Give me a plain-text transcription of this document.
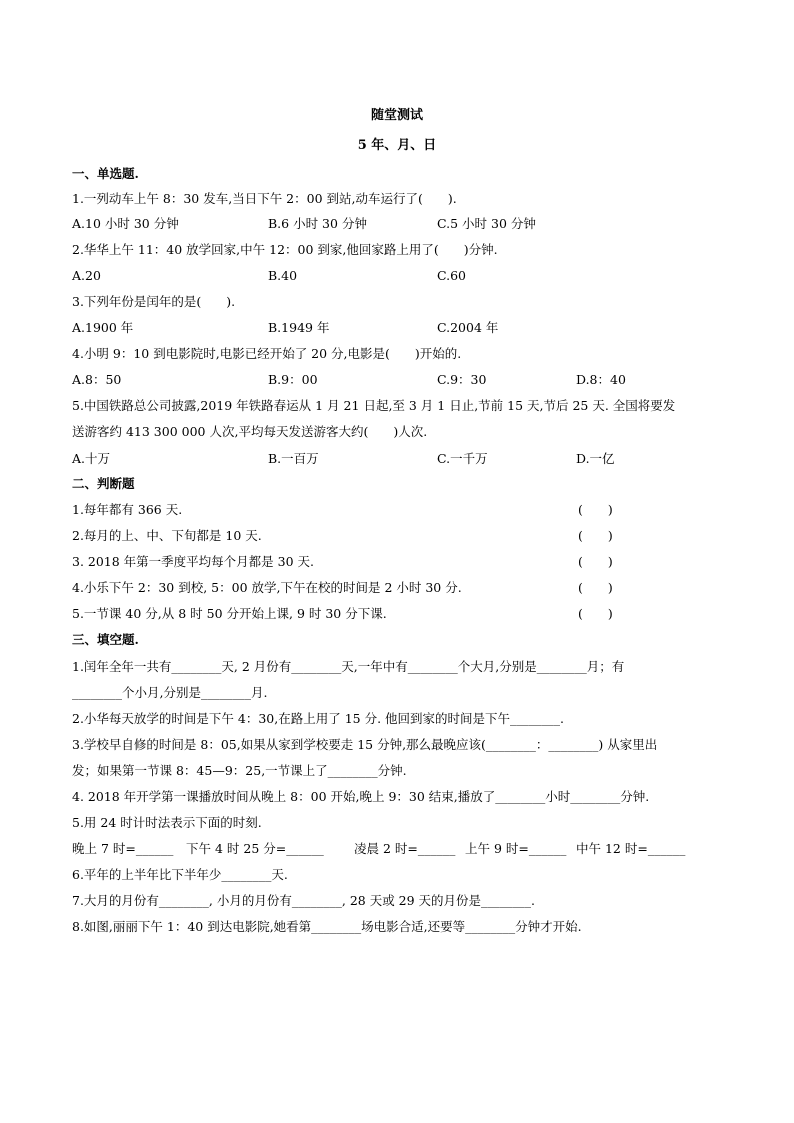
随堂测试
5 年、月、日
一、单选题.
1.一列动车上午 8：30 发车,当日下午 2：00 到站,动车运行了(　　).
A.10 小时 30 分钟	B.6 小时 30 分钟	C.5 小时 30 分钟
2.华华上午 11：40 放学回家,中午 12：00 到家,他回家路上用了(　　)分钟.
A.20	B.40	C.60
3.下列年份是闰年的是(　　).
A.1900 年	B.1949 年	C.2004 年
4.小明 9：10 到电影院时,电影已经开始了 20 分,电影是(　　)开始的.
A.8：50	B.9：00	C.9：30	D.8：40
5.中国铁路总公司披露,2019 年铁路春运从 1 月 21 日起,至 3 月 1 日止,节前 15 天,节后 25 天. 全国将要发
送游客约 413 300 000 人次,平均每天发送游客大约(　　)人次.
A.十万	B.一百万	C.一千万	D.一亿
二、判断题
1.每年都有 366 天.	(　　)
2.每月的上、中、下旬都是 10 天.	(　　)
3. 2018 年第一季度平均每个月都是 30 天.	(　　)
4.小乐下午 2：30 到校, 5：00 放学,下午在校的时间是 2 小时 30 分.	(　　)
5.一节课 40 分,从 8 时 50 分开始上课, 9 时 30 分下课.	(　　)
三、填空题.
1.闰年全年一共有________天, 2 月份有________天,一年中有________个大月,分别是________月；有
________个小月,分别是________月.
2.小华每天放学的时间是下午 4：30,在路上用了 15 分. 他回到家的时间是下午________.
3.学校早自修的时间是 8：05,如果从家到学校要走 15 分钟,那么最晚应该(________：________) 从家里出
发；如果第一节课 8：45—9：25,一节课上了________分钟.
4. 2018 年开学第一课播放时间从晚上 8：00 开始,晚上 9：30 结束,播放了________小时________分钟.
5.用 24 时计时法表示下面的时刻.
晚上 7 时=______ 下午 4 时 25 分=______ 凌晨 2 时=______ 上午 9 时=______ 中午 12 时=______
6.平年的上半年比下半年少________天.
7.大月的月份有________, 小月的月份有________, 28 天或 29 天的月份是________.
8.如图,丽丽下午 1：40 到达电影院,她看第________场电影合适,还要等________分钟才开始.
